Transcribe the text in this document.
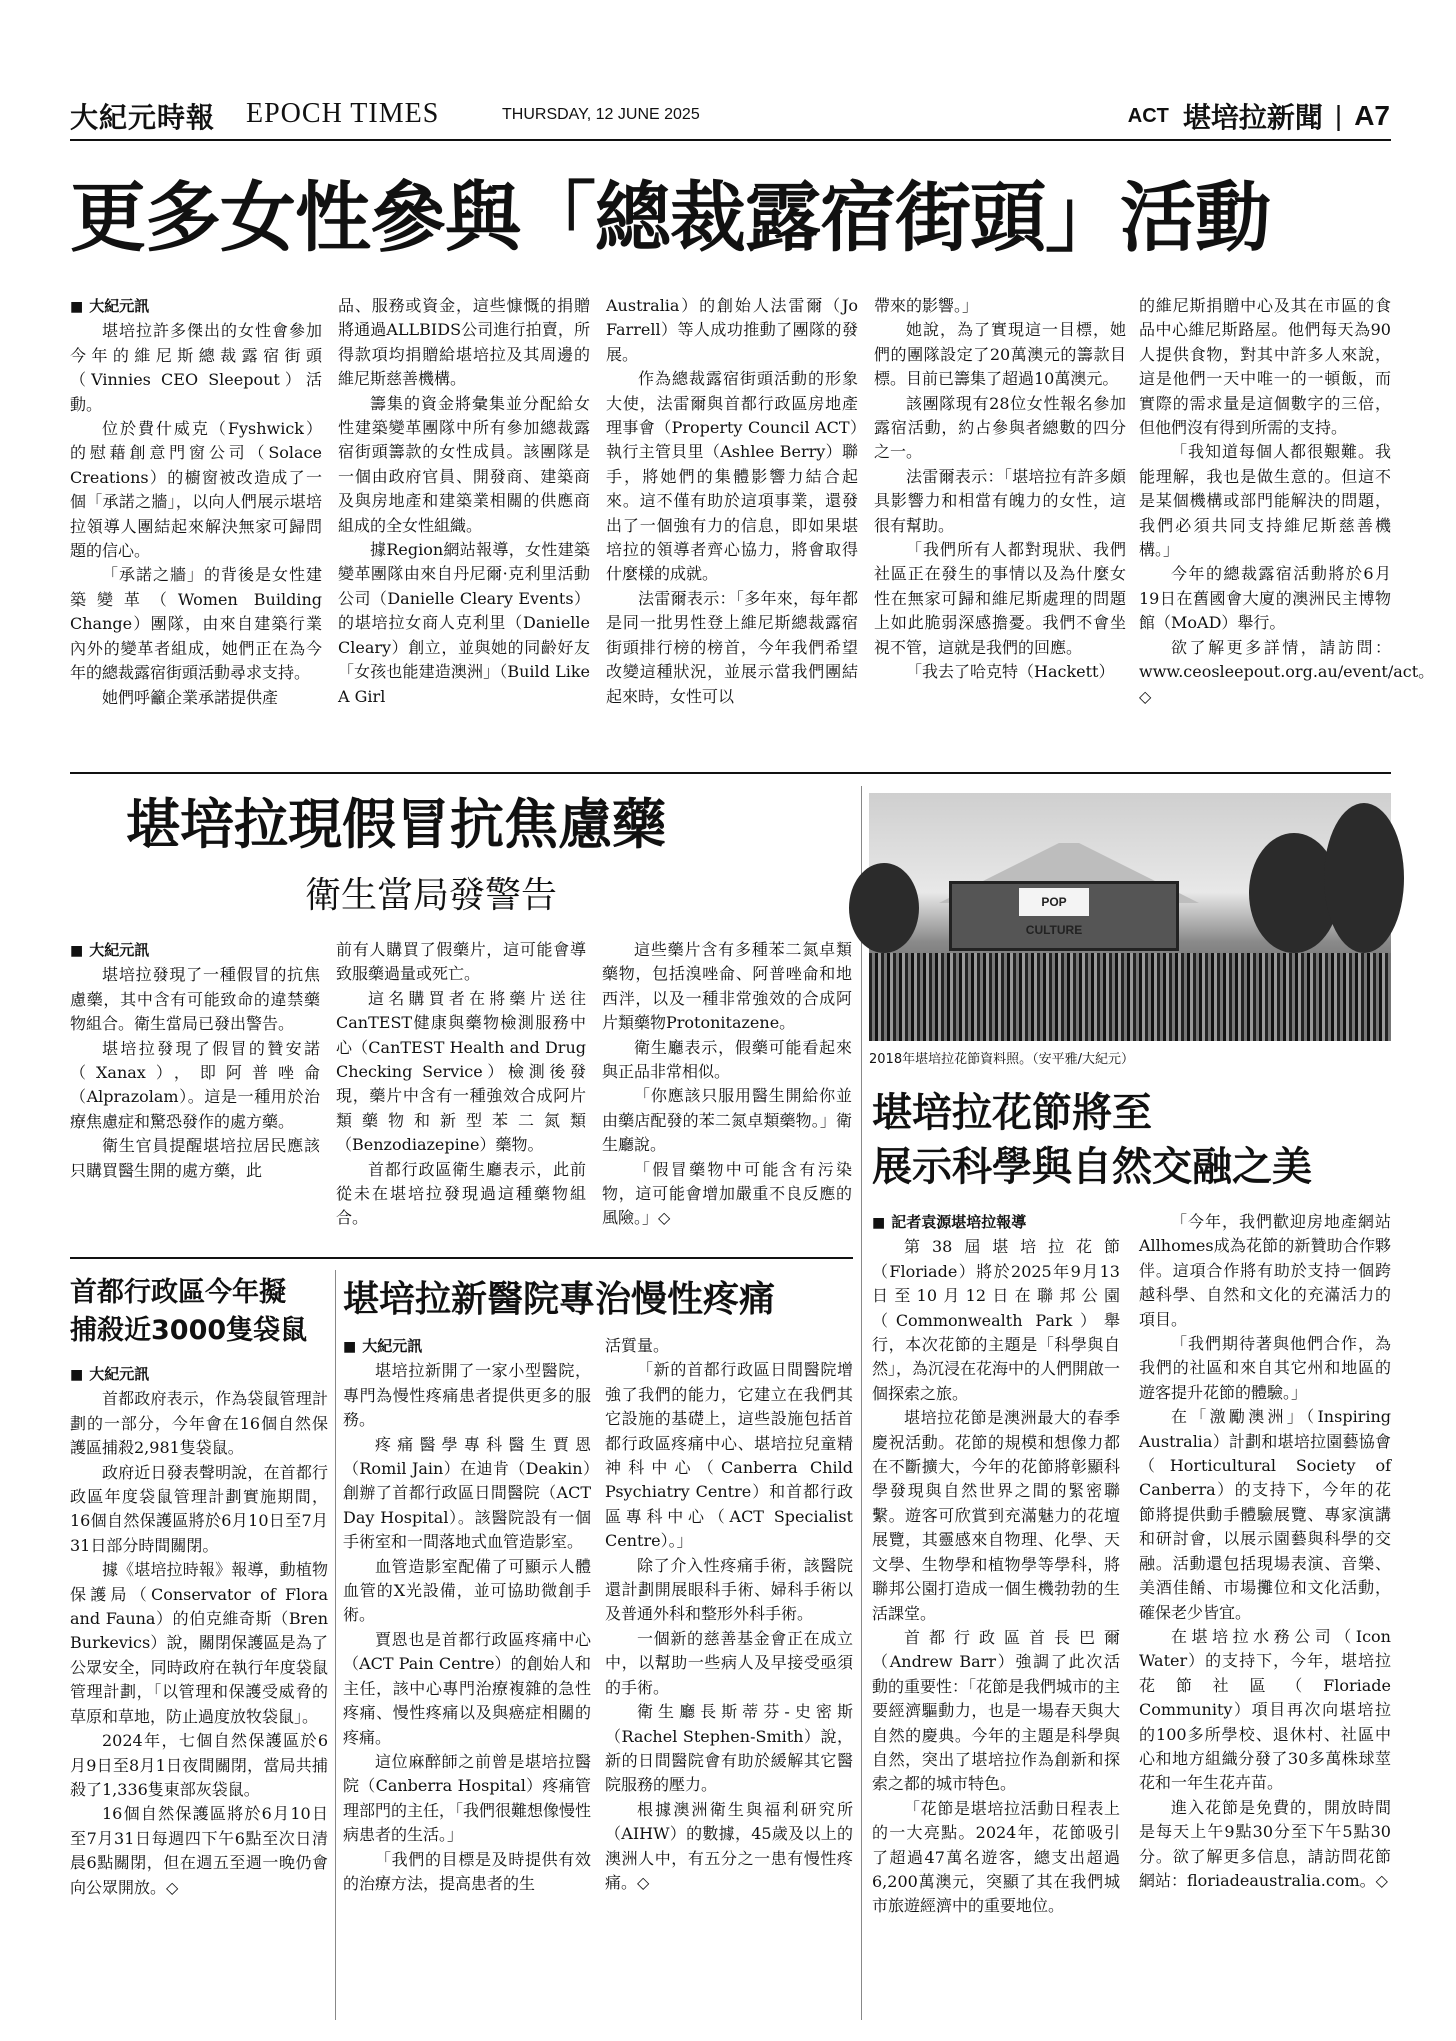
大紀元時報 EPOCH TIMES	THURSDAY, 12 JUNE 2025	ACT 堪培拉新聞 | A7
更多女性參與「總裁露宿街頭」活動

■ 大紀元訊

堪培拉許多傑出的女性會參加今年的維尼斯總裁露宿街頭（Vinnies CEO Sleepout）活動。

位於費什威克（Fyshwick）的慰藉創意門窗公司（Solace Creations）的櫥窗被改造成了一個「承諾之牆」，以向人們展示堪培拉領導人團結起來解決無家可歸問題的信心。

「承諾之牆」的背後是女性建築變革（Women Building Change）團隊，由來自建築行業內外的變革者組成，她們正在為今年的總裁露宿街頭活動尋求支持。

她們呼籲企業承諾提供產

品、服務或資金，這些慷慨的捐贈將通過ALLBIDS公司進行拍賣，所得款項均捐贈給堪培拉及其周邊的維尼斯慈善機構。

籌集的資金將彙集並分配給女性建築變革團隊中所有參加總裁露宿街頭籌款的女性成員。該團隊是一個由政府官員、開發商、建築商及與房地產和建築業相關的供應商組成的全女性組織。

據Region網站報導，女性建築變革團隊由來自丹尼爾·克利里活動公司（Danielle Cleary Events）的堪培拉女商人克利里（Danielle Cleary）創立，並與她的同齡好友「女孩也能建造澳洲」（Build Like A Girl

Australia）的創始人法雷爾（Jo Farrell）等人成功推動了團隊的發展。

作為總裁露宿街頭活動的形象大使，法雷爾與首都行政區房地產理事會（Property Council ACT）執行主管貝里（Ashlee Berry）聯手，將她們的集體影響力結合起來。這不僅有助於這項事業，還發出了一個強有力的信息，即如果堪培拉的領導者齊心協力，將會取得什麼樣的成就。

法雷爾表示：「多年來，每年都是同一批男性登上維尼斯總裁露宿街頭排行榜的榜首，今年我們希望改變這種狀況，並展示當我們團結起來時，女性可以

帶來的影響。」

她說，為了實現這一目標，她們的團隊設定了20萬澳元的籌款目標。目前已籌集了超過10萬澳元。

該團隊現有28位女性報名參加露宿活動，約占參與者總數的四分之一。

法雷爾表示：「堪培拉有許多頗具影響力和相當有魄力的女性，這很有幫助。

「我們所有人都對現狀、我們社區正在發生的事情以及為什麼女性在無家可歸和維尼斯處理的問題上如此脆弱深感擔憂。我們不會坐視不管，這就是我們的回應。

「我去了哈克特（Hackett）

的維尼斯捐贈中心及其在市區的食品中心維尼斯路屋。他們每天為90人提供食物，對其中許多人來說，這是他們一天中唯一的一頓飯，而實際的需求量是這個數字的三倍，但他們沒有得到所需的支持。

「我知道每個人都很艱難。我能理解，我也是做生意的。但這不是某個機構或部門能解決的問題，我們必須共同支持維尼斯慈善機構。」

今年的總裁露宿活動將於6月19日在舊國會大廈的澳洲民主博物館（MoAD）舉行。

欲了解更多詳情，請訪問：www.ceosleepout.org.au/event/act。◇

堪培拉現假冒抗焦慮藥
衛生當局發警告

■ 大紀元訊

堪培拉發現了一種假冒的抗焦慮藥，其中含有可能致命的違禁藥物組合。衛生當局已發出警告。

堪培拉發現了假冒的贊安諾（Xanax），即阿普唑侖（Alprazolam）。這是一種用於治療焦慮症和驚恐發作的處方藥。

衛生官員提醒堪培拉居民應該只購買醫生開的處方藥，此

前有人購買了假藥片，這可能會導致服藥過量或死亡。

這名購買者在將藥片送往CanTEST健康與藥物檢測服務中心（CanTEST Health and Drug Checking Service）檢測後發現，藥片中含有一種強效合成阿片類藥物和新型苯二氮類（Benzodiazepine）藥物。

首都行政區衛生廳表示，此前從未在堪培拉發現過這種藥物組合。

這些藥片含有多種苯二氮卓類藥物，包括溴唑侖、阿普唑侖和地西泮，以及一種非常強效的合成阿片類藥物Protonitazene。

衛生廳表示，假藥可能看起來與正品非常相似。

「你應該只服用醫生開給你並由藥店配發的苯二氮卓類藥物。」衛生廳說。

「假冒藥物中可能含有污染物，這可能會增加嚴重不良反應的風險。」◇

POP CULTURE
2018年堪培拉花節資料照。（安平雅/大紀元）
堪培拉花節將至
展示科學與自然交融之美

■ 記者袁源堪培拉報導

第38屆堪培拉花節（Floriade）將於2025年9月13日至10月12日在聯邦公園（Commonwealth Park）舉行，本次花節的主題是「科學與自然」，為沉浸在花海中的人們開啟一個探索之旅。

堪培拉花節是澳洲最大的春季慶祝活動。花節的規模和想像力都在不斷擴大，今年的花節將彰顯科學發現與自然世界之間的緊密聯繫。遊客可欣賞到充滿魅力的花壇展覽，其靈感來自物理、化學、天文學、生物學和植物學等學科，將聯邦公園打造成一個生機勃勃的生活課堂。

首都行政區首長巴爾（Andrew Barr）強調了此次活動的重要性：「花節是我們城市的主要經濟驅動力，也是一場春天與大自然的慶典。今年的主題是科學與自然，突出了堪培拉作為創新和探索之都的城市特色。

「花節是堪培拉活動日程表上的一大亮點。2024年，花節吸引了超過47萬名遊客，總支出超過6,200萬澳元，突顯了其在我們城市旅遊經濟中的重要地位。

「今年，我們歡迎房地產網站Allhomes成為花節的新贊助合作夥伴。這項合作將有助於支持一個跨越科學、自然和文化的充滿活力的項目。

「我們期待著與他們合作，為我們的社區和來自其它州和地區的遊客提升花節的體驗。」

在「激勵澳洲」（Inspiring Australia）計劃和堪培拉園藝協會（Horticultural Society of Canberra）的支持下，今年的花節將提供動手體驗展覽、專家演講和研討會，以展示園藝與科學的交融。活動還包括現場表演、音樂、美酒佳餚、市場攤位和文化活動，確保老少皆宜。

在堪培拉水務公司（Icon Water）的支持下，今年，堪培拉花節社區（Floriade Community）項目再次向堪培拉的100多所學校、退休村、社區中心和地方組織分發了30多萬株球莖花和一年生花卉苗。

進入花節是免費的，開放時間是每天上午9點30分至下午5點30分。欲了解更多信息，請訪問花節網站：floriadeaustralia.com。◇

首都行政區今年擬
捕殺近3000隻袋鼠

■ 大紀元訊

首都政府表示，作為袋鼠管理計劃的一部分，今年會在16個自然保護區捕殺2,981隻袋鼠。

政府近日發表聲明說，在首都行政區年度袋鼠管理計劃實施期間，16個自然保護區將於6月10日至7月31日部分時間關閉。

據《堪培拉時報》報導，動植物保護局（Conservator of Flora and Fauna）的伯克維奇斯（Bren Burkevics）說，關閉保護區是為了公眾安全，同時政府在執行年度袋鼠管理計劃，「以管理和保護受威脅的草原和草地，防止過度放牧袋鼠」。

2024年，七個自然保護區於6月9日至8月1日夜間關閉，當局共捕殺了1,336隻東部灰袋鼠。

16個自然保護區將於6月10日至7月31日每週四下午6點至次日清晨6點關閉，但在週五至週一晚仍會向公眾開放。◇

堪培拉新醫院專治慢性疼痛

■ 大紀元訊

堪培拉新開了一家小型醫院，專門為慢性疼痛患者提供更多的服務。

疼痛醫學專科醫生賈恩（Romil Jain）在迪肯（Deakin）創辦了首都行政區日間醫院（ACT Day Hospital）。該醫院設有一個手術室和一間落地式血管造影室。

血管造影室配備了可顯示人體血管的X光設備，並可協助微創手術。

賈恩也是首都行政區疼痛中心（ACT Pain Centre）的創始人和主任，該中心專門治療複雜的急性疼痛、慢性疼痛以及與癌症相關的疼痛。

這位麻醉師之前曾是堪培拉醫院（Canberra Hospital）疼痛管理部門的主任，「我們很難想像慢性病患者的生活。」

「我們的目標是及時提供有效的治療方法，提高患者的生

活質量。

「新的首都行政區日間醫院增強了我們的能力，它建立在我們其它設施的基礎上，這些設施包括首都行政區疼痛中心、堪培拉兒童精神科中心（Canberra Child Psychiatry Centre）和首都行政區專科中心（ACT Specialist Centre）。」

除了介入性疼痛手術，該醫院還計劃開展眼科手術、婦科手術以及普通外科和整形外科手術。

一個新的慈善基金會正在成立中，以幫助一些病人及早接受亟須的手術。

衛生廳長斯蒂芬-史密斯（Rachel Stephen-Smith）說，新的日間醫院會有助於緩解其它醫院服務的壓力。

根據澳洲衛生與福利研究所（AIHW）的數據，45歲及以上的澳洲人中，有五分之一患有慢性疼痛。◇
